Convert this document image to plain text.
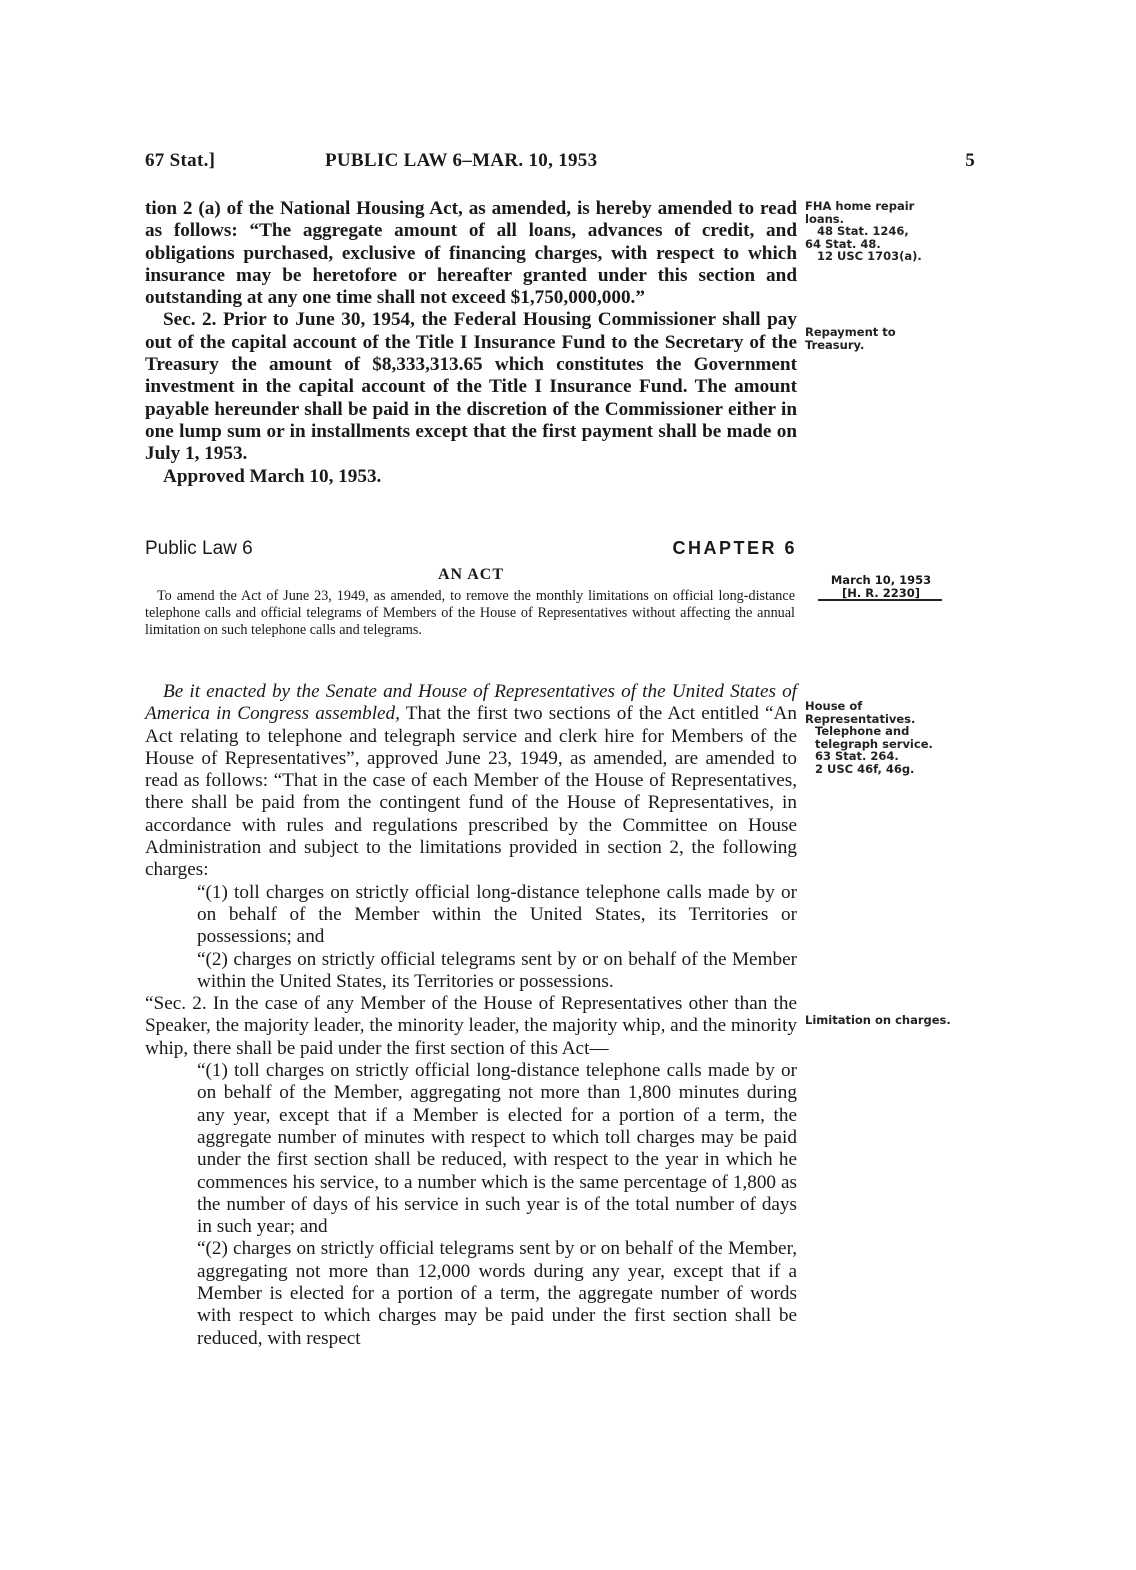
67 Stat.]	PUBLIC LAW 6–MAR. 10, 1953	5

tion 2 (a) of the National Housing Act, as amended, is hereby amended to read as follows: “The aggregate amount of all loans, advances of credit, and obligations purchased, exclusive of financing charges, with respect to which insurance may be heretofore or hereafter granted under this section and outstanding at any one time shall not exceed $1,750,000,000.”

Sec. 2. Prior to June 30, 1954, the Federal Housing Commissioner shall pay out of the capital account of the Title I Insurance Fund to the Secretary of the Treasury the amount of $8,333,313.65 which constitutes the Government investment in the capital account of the Title I Insurance Fund. The amount payable hereunder shall be paid in the discretion of the Commissioner either in one lump sum or in installments except that the first payment shall be made on July 1, 1953.

Approved March 10, 1953.

FHA home repair loans.
48 Stat. 1246,
64 Stat. 48.
12 USC 1703(a).
Repayment to Treasury.
Public Law 6	CHAPTER 6
AN ACT
To amend the Act of June 23, 1949, as amended, to remove the monthly limitations on official long-distance telephone calls and official telegrams of Members of the House of Representatives without affecting the annual limitation on such telephone calls and telegrams.
March 10, 1953
[H. R. 2230]

Be it enacted by the Senate and House of Representatives of the United States of America in Congress assembled, That the first two sections of the Act entitled “An Act relating to telephone and telegraph service and clerk hire for Members of the House of Representatives”, approved June 23, 1949, as amended, are amended to read as follows: “That in the case of each Member of the House of Representatives, there shall be paid from the contingent fund of the House of Representatives, in accordance with rules and regulations prescribed by the Committee on House Administration and subject to the limitations provided in section 2, the following charges:

“(1) toll charges on strictly official long-distance telephone calls made by or on behalf of the Member within the United States, its Territories or possessions; and

“(2) charges on strictly official telegrams sent by or on behalf of the Member within the United States, its Territories or possessions.

“Sec. 2. In the case of any Member of the House of Representatives other than the Speaker, the majority leader, the minority leader, the majority whip, and the minority whip, there shall be paid under the first section of this Act—

“(1) toll charges on strictly official long-distance telephone calls made by or on behalf of the Member, aggregating not more than 1,800 minutes during any year, except that if a Member is elected for a portion of a term, the aggregate number of minutes with respect to which toll charges may be paid under the first section shall be reduced, with respect to the year in which he commences his service, to a number which is the same percentage of 1,800 as the number of days of his service in such year is of the total number of days in such year; and

“(2) charges on strictly official telegrams sent by or on behalf of the Member, aggregating not more than 12,000 words during any year, except that if a Member is elected for a portion of a term, the aggregate number of words with respect to which charges may be paid under the first section shall be reduced, with respect

House of Representatives.
Telephone and telegraph service.
63 Stat. 264.
2 USC 46f, 46g.
Limitation on charges.
